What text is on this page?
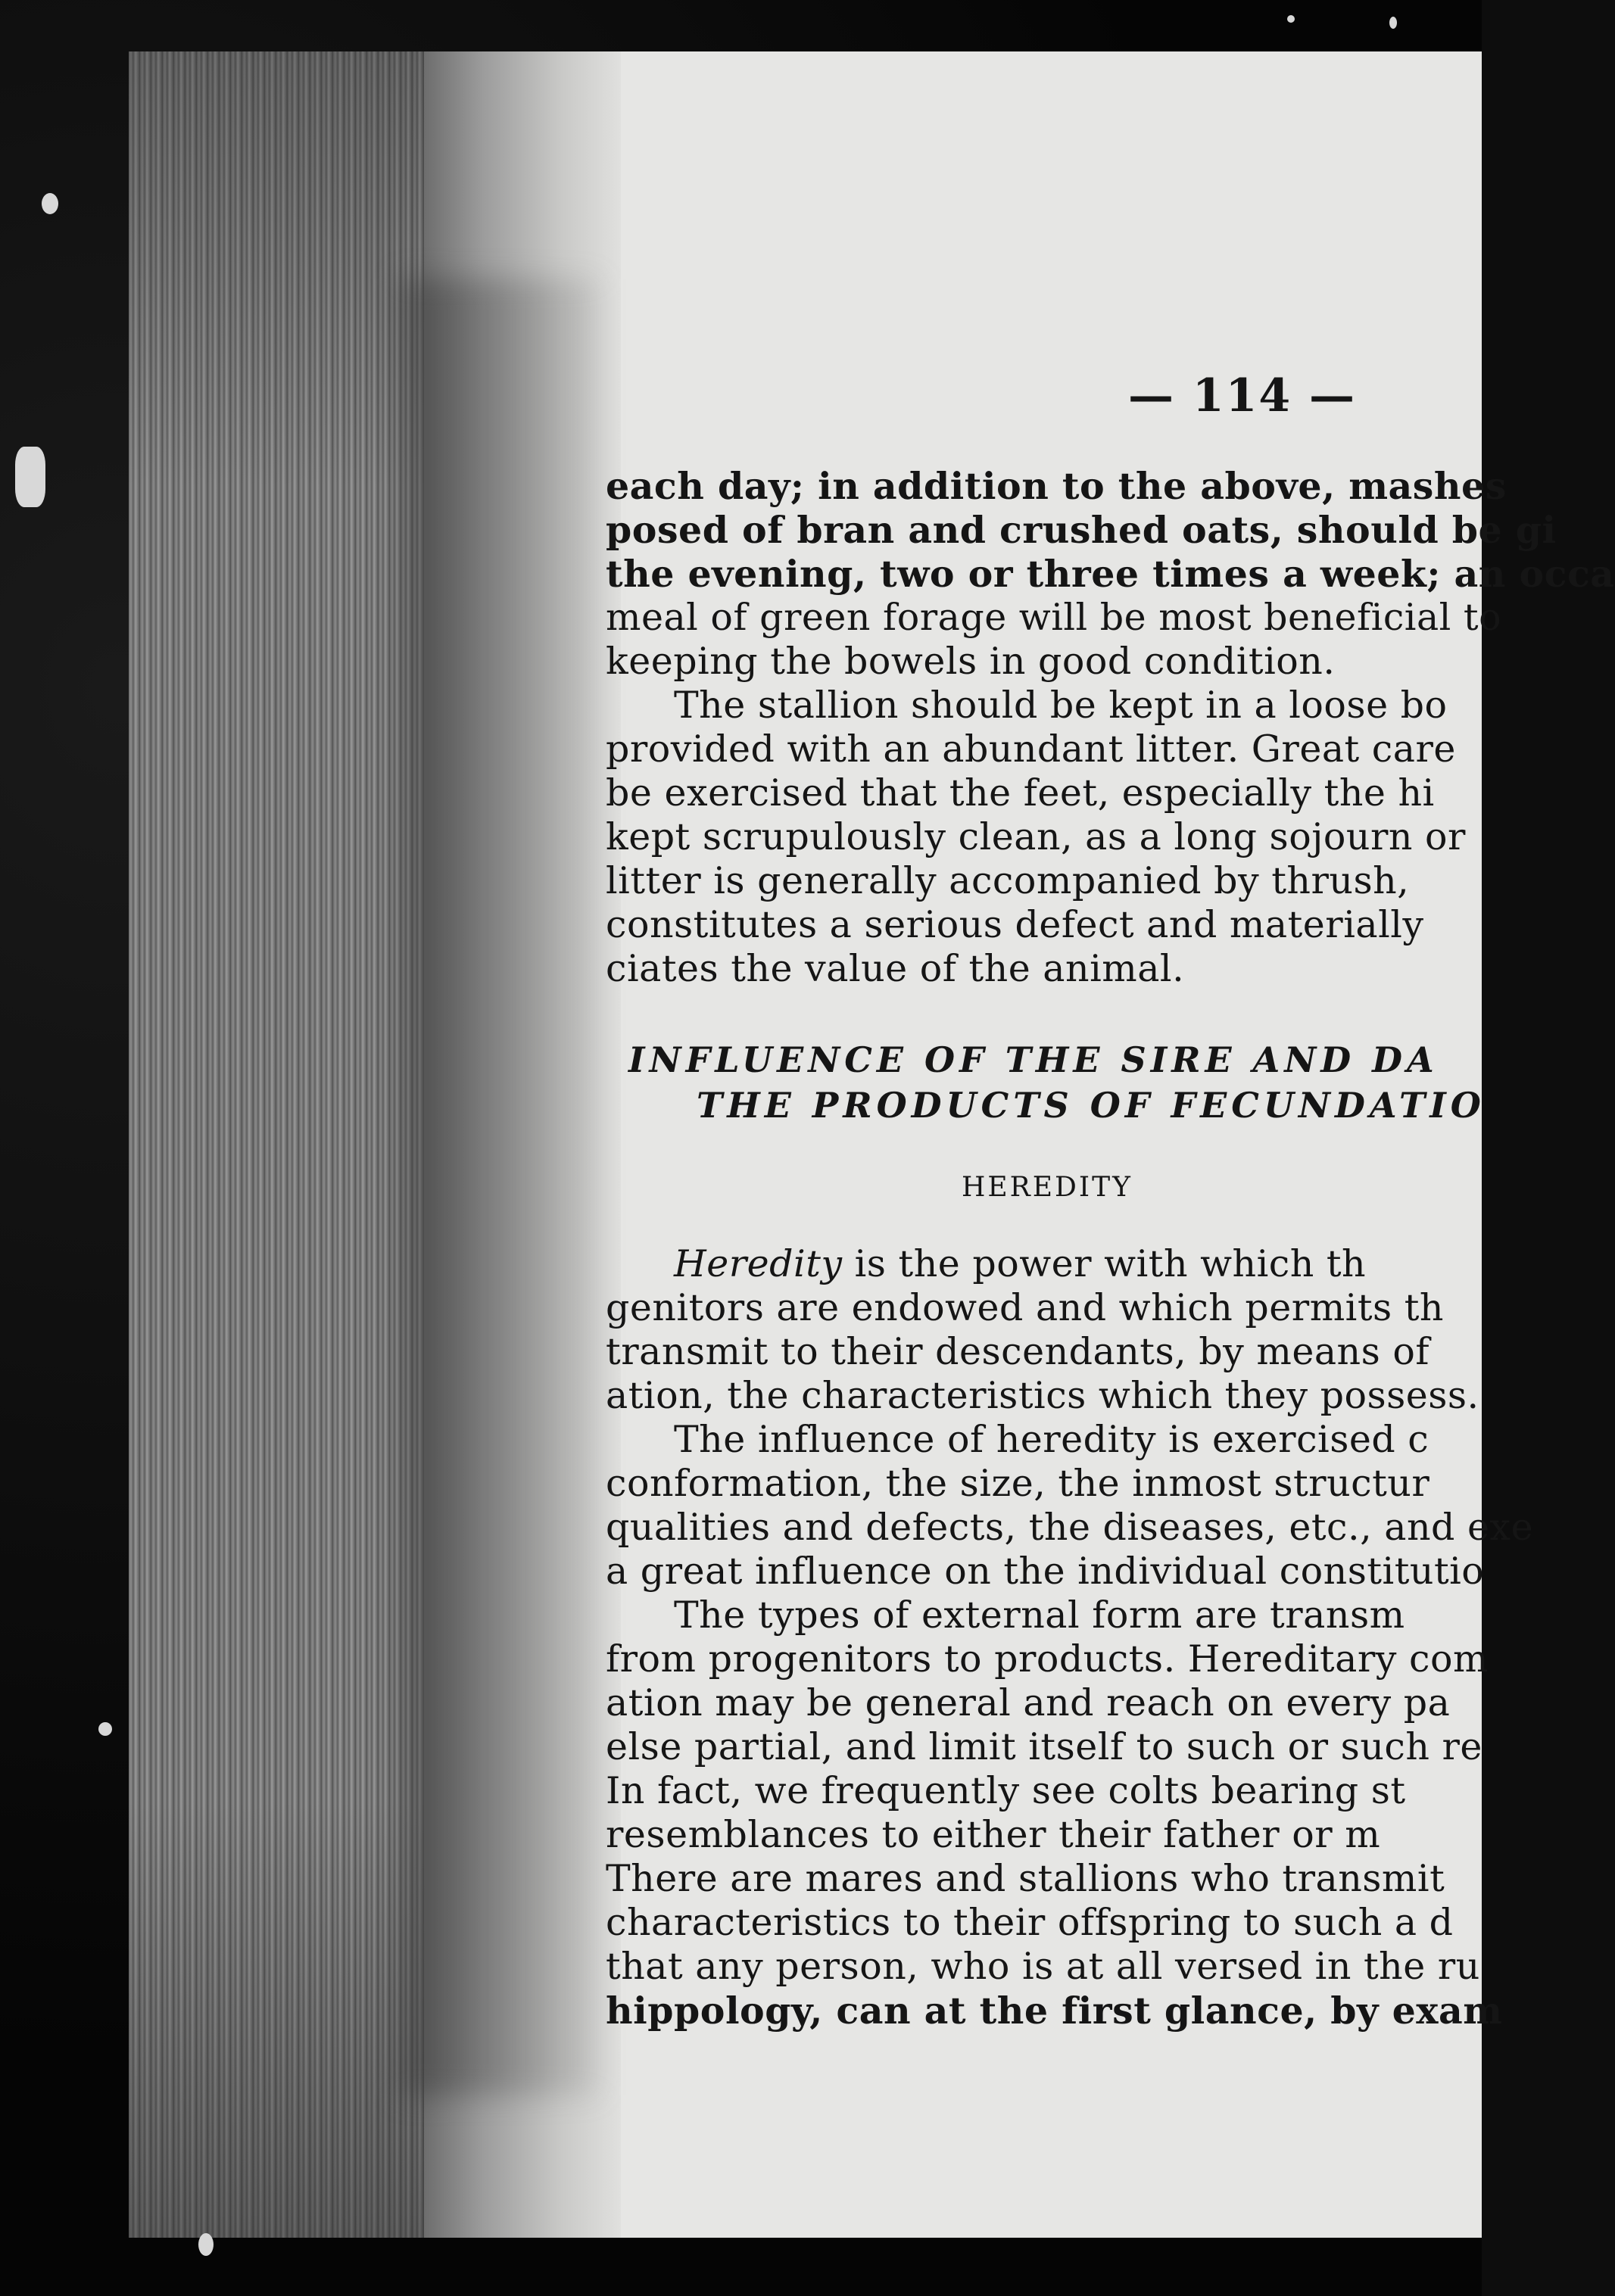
— 114 —
each day; in addition to the above, mashes
posed of bran and crushed oats, should be gi
the evening, two or three times a week; an occa
meal of green forage will be most beneficial to
keeping the bowels in good condition.
The stallion should be kept in a loose bo
provided with an abundant litter. Great care
be exercised that the feet, especially the hi
kept scrupulously clean, as a long sojourn or
litter is generally accompanied by thrush,
constitutes a serious defect and materially
ciates the value of the animal.
INFLUENCE OF THE SIRE AND DA
THE PRODUCTS OF FECUNDATIO
HEREDITY
Heredity is the power with which th
genitors are endowed and which permits th
transmit to their descendants, by means of
ation, the characteristics which they possess.
The influence of heredity is exercised c
conformation, the size, the inmost structur
qualities and defects, the diseases, etc., and exe
a great influence on the individual constitutio
The types of external form are transm
from progenitors to products. Hereditary com
ation may be general and reach on every pa
else partial, and limit itself to such or such re
In fact, we frequently see colts bearing st
resemblances to either their father or m
There are mares and stallions who transmit
characteristics to their offspring to such a d
that any person, who is at all versed in the ru
hippology, can at the first glance, by exam
